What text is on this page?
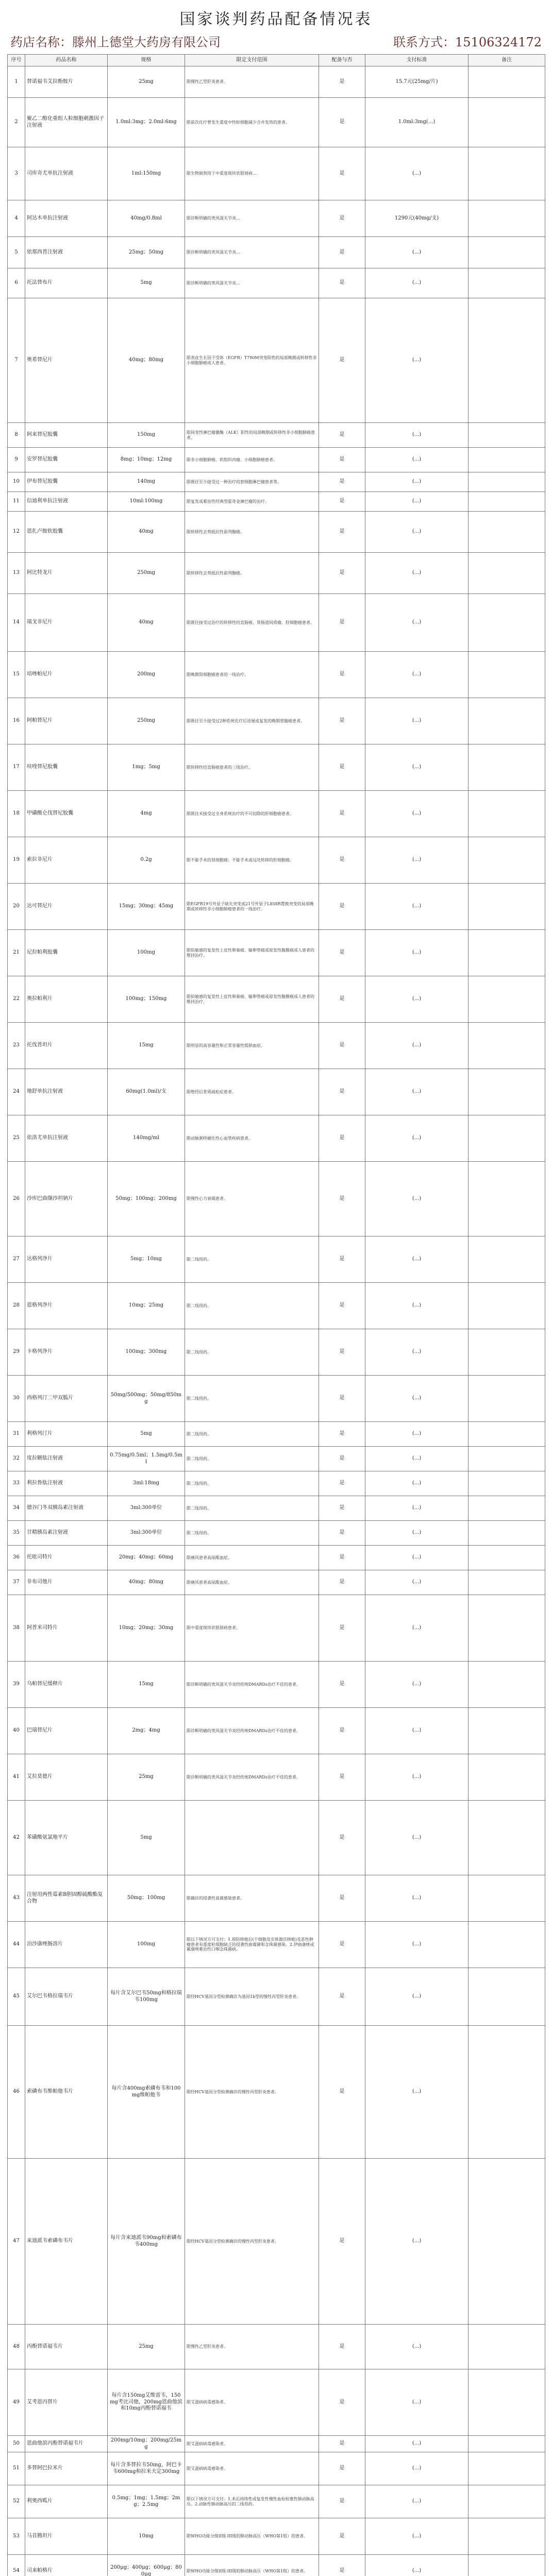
国家谈判药品配备情况表
药店名称：滕州上德堂大药房有限公司	联系方式：15106324172
序号	药品名称	规格	限定支付范围	配备与否	支付标准	备注
1	替诺福韦艾拉酚胺片	25mg	限慢性乙型肝炎患者。	是	15.7元(25mg/片)	
2	聚乙二醇化重组人粒细胞刺激因子注射液	1.0ml:3mg；2.0ml:6mg	限前次化疗曾发生重度中性粒细胞减少合并发热的患者。	是	1.0ml:3mg(...)	
3	司库奇尤单抗注射液	1ml:150mg	限生物制剂用于中重度斑块状银屑病...	是	(...)	
4	阿达木单抗注射液	40mg/0.8ml	限诊断明确的类风湿关节炎...	是	1290元(40mg/支)	
5	依那西普注射液	25mg；50mg	限诊断明确的类风湿关节炎...	是	(...)	
6	托法替布片	5mg	限诊断明确的类风湿关节炎...	是	(...)	
7	奥希替尼片	40mg；80mg	限表皮生长因子受体（EGFR）T790M突变阳性的局部晚期或转移性非小细胞肺癌成人患者。	是	(...)	
8	阿来替尼胶囊	150mg	限间变性淋巴瘤激酶（ALK）阳性的局部晚期或转移性非小细胞肺癌患者。	是	(...)	
9	安罗替尼胶囊	8mg；10mg；12mg	限非小细胞肺癌、软组织肉瘤、小细胞肺癌患者。	是	(...)	
10	伊布替尼胶囊	140mg	限既往至少接受过一种治疗的套细胞淋巴瘤患者等。	是	(...)	
11	信迪利单抗注射液	10ml:100mg	限复发或难治性经典型霍奇金淋巴瘤的治疗。	是	(...)	
12	恩扎卢胺软胶囊	40mg	限转移性去势抵抗性前列腺癌。	是	(...)	
13	阿比特龙片	250mg	限转移性去势抵抗性前列腺癌。	是	(...)	
14	瑞戈非尼片	40mg	限既往接受过治疗的转移性结直肠癌、胃肠道间质瘤、肝细胞癌患者。	是	(...)	
15	培唑帕尼片	200mg	限晚期肾细胞癌患者的一线治疗。	是	(...)	
16	阿帕替尼片	250mg	限既往至少接受过2种系统化疗后进展或复发的晚期胃腺癌患者。	是	(...)	
17	呋喹替尼胶囊	1mg；5mg	限转移性结直肠癌患者的三线治疗。	是	(...)	
18	甲磺酸仑伐替尼胶囊	4mg	限既往未接受过全身系统治疗的不可切除的肝细胞癌患者。	是	(...)	
19	索拉非尼片	0.2g	限不能手术的肾细胞癌；不能手术或远处转移的肝细胞癌。	是	(...)	
20	达可替尼片	15mg；30mg；45mg	限EGFR19号外显子缺失突变或21号外显子L858R置换突变的局部晚期或转移性非小细胞肺癌患者的一线治疗。	是	(...)	
21	尼拉帕利胶囊	100mg	限铂敏感的复发性上皮性卵巢癌、输卵管癌或原发性腹膜癌成人患者的维持治疗。	是	(...)	
22	奥拉帕利片	100mg；150mg	限铂敏感的复发性上皮性卵巢癌、输卵管癌或原发性腹膜癌成人患者的维持治疗。	是	(...)	
23	托伐普坦片	15mg	限明显的高容量性和正常容量性低钠血症。	是	(...)	
24	地舒单抗注射液	60mg(1.0ml)/支	限绝经后骨质疏松症患者。	是	(...)	
25	依洛尤单抗注射液	140mg/ml	限动脉粥样硬化性心血管疾病患者。	是	(...)	
26	沙库巴曲缬沙坦钠片	50mg；100mg；200mg	限慢性心力衰竭患者。	是	(...)	
27	达格列净片	5mg；10mg	限二线用药。	是	(...)	
28	恩格列净片	10mg；25mg	限二线用药。	是	(...)	
29	卡格列净片	100mg；300mg	限二线用药。	是	(...)	
30	西格列汀二甲双胍片	50mg/500mg；50mg/850mg	限二线用药。	是	(...)	
31	利格列汀片	5mg	限二线用药。	是	(...)	
32	度拉糖肽注射液	0.75mg/0.5ml；1.5mg/0.5ml	限二线用药。	是	(...)	
33	利拉鲁肽注射液	3ml:18mg	限二线用药。	是	(...)	
34	德谷门冬双胰岛素注射液	3ml:300单位	限二线用药。	是	(...)	
35	甘精胰岛素注射液	3ml:300单位	限二线用药。	是	(...)	
36	托吡司特片	20mg；40mg；60mg	限痛风患者高尿酸血症。	是	(...)	
37	非布司他片	40mg；80mg	限痛风患者高尿酸血症。	是	(...)	
38	阿普米司特片	10mg；20mg；30mg	限中重度斑块状银屑病患者。	是	(...)	
39	乌帕替尼缓释片	15mg	限诊断明确的类风湿关节炎经传统DMARDs治疗不佳的患者。	是	(...)	
40	巴瑞替尼片	2mg；4mg	限诊断明确的类风湿关节炎经传统DMARDs治疗不佳的患者。	是	(...)	
41	艾拉莫德片	25mg	限诊断明确的类风湿关节炎经传统DMARDs治疗不佳的患者。	是	(...)	
42	苯磺酸氨氯地平片	5mg		是	(...)	
43	注射用两性霉素B胆固醇硫酸酯复合物	50mg；100mg	限确诊的侵袭性真菌感染患者。	是	(...)	
44	泊沙康唑肠溶片	100mg	限以下情况方可支付：1.预防移植后(干细胞及实体器官移植)及恶性肿瘤患者有重度粒细胞缺乏的侵袭性曲霉菌和念珠菌感染。2.伊曲康唑或氟康唑难治性口咽念珠菌病。	是	(...)	
45	艾尔巴韦格拉瑞韦片	每片含艾尔巴韦50mg和格拉瑞韦100mg	限经HCV基因分型检测确诊为基因1b型的慢性丙型肝炎患者。	是	(...)	
46	索磷布韦维帕他韦片	每片含400mg索磷布韦和100mg维帕他韦	限经HCV基因分型检测确诊的慢性丙型肝炎患者。	是	(...)	
47	来迪派韦索磷布韦片	每片含来迪派韦90mg和索磷布韦400mg	限经HCV基因分型检测确诊的慢性丙型肝炎患者。	是	(...)	
48	丙酚替诺福韦片	25mg	限慢性乙型肝炎患者。	是	(...)	
49	艾考恩丙替片	每片含150mg艾维雷韦，150mg考比司他，200mg恩曲他滨和10mg丙酚替诺福韦	限艾滋病病毒感染者。	是	(...)	
50	恩曲他滨丙酚替诺福韦片	200mg/10mg；200mg/25mg	限艾滋病病毒感染者。	是	(...)	
51	多替阿巴拉米片	每片含多替拉韦50mg，阿巴卡韦600mg和拉米夫定300mg	限艾滋病病毒感染者。	是	(...)	
52	利奥西呱片	0.5mg；1mg；1.5mg；2mg；2.5mg	限以下情况方可支付：1.术后持续性或复发性慢性血栓栓塞性肺动脉高压。2.动脉性肺动脉高压的二线用药。	是	(...)	
53	马昔腾坦片	10mg	限WHO功能分级II级-III级的肺动脉高压（WHO第1组）的患者。	是	(...)	
54	司来帕格片	200μg；400μg；600μg；800μg	限WHO功能分级II级-III级的肺动脉高压（WHO第1组）的患者。	是	(...)	
